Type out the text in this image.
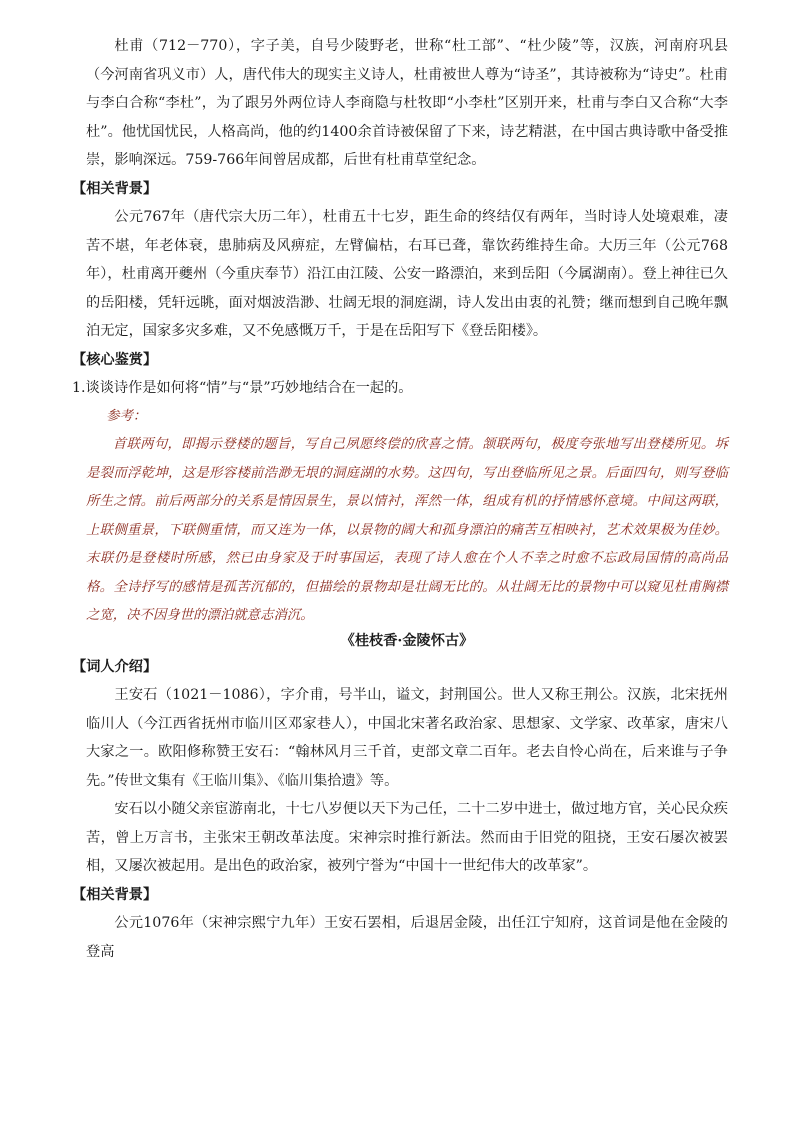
杜甫（712－770），字子美，自号少陵野老，世称“杜工部”、“杜少陵”等，汉族，河南府巩县（今河南省巩义市）人，唐代伟大的现实主义诗人，杜甫被世人尊为“诗圣”，其诗被称为“诗史”。杜甫与李白合称“李杜”，为了跟另外两位诗人李商隐与杜牧即“小李杜”区别开来，杜甫与李白又合称“大李杜”。他忧国忧民，人格高尚，他的约1400余首诗被保留了下来，诗艺精湛，在中国古典诗歌中备受推崇，影响深远。759-766年间曾居成都，后世有杜甫草堂纪念。

【相关背景】

公元767年（唐代宗大历二年），杜甫五十七岁，距生命的终结仅有两年，当时诗人处境艰难，凄苦不堪，年老体衰，患肺病及风痹症，左臂偏枯，右耳已聋，靠饮药维持生命。大历三年（公元768年），杜甫离开夔州（今重庆奉节）沿江由江陵、公安一路漂泊，来到岳阳（今属湖南）。登上神往已久的岳阳楼，凭轩远眺，面对烟波浩渺、壮阔无垠的洞庭湖，诗人发出由衷的礼赞；继而想到自己晚年飘泊无定，国家多灾多难，又不免感慨万千，于是在岳阳写下《登岳阳楼》。

【核心鉴赏】
1.谈谈诗作是如何将“情”与“景”巧妙地结合在一起的。
参考：

首联两句，即揭示登楼的题旨，写自己夙愿终偿的欣喜之情。颔联两句，极度夸张地写出登楼所见。坼是裂而浮乾坤，这是形容楼前浩渺无垠的洞庭湖的水势。这四句，写出登临所见之景。后面四句，则写登临所生之情。前后两部分的关系是情因景生，景以情衬，浑然一体，组成有机的抒情感怀意境。中间这两联，上联侧重景，下联侧重情，而又连为一体，以景物的阔大和孤身漂泊的痛苦互相映衬，艺术效果极为佳妙。末联仍是登楼时所感，然已由身家及于时事国运，表现了诗人愈在个人不幸之时愈不忘政局国情的高尚品格。全诗抒写的感情是孤苦沉郁的，但描绘的景物却是壮阔无比的。从壮阔无比的景物中可以窥见杜甫胸襟之宽，决不因身世的漂泊就意志消沉。

《桂枝香·金陵怀古》
【词人介绍】

王安石（1021－1086），字介甫，号半山，谥文，封荆国公。世人又称王荆公。汉族，北宋抚州临川人（今江西省抚州市临川区邓家巷人），中国北宋著名政治家、思想家、文学家、改革家，唐宋八大家之一。欧阳修称赞王安石：“翰林风月三千首，吏部文章二百年。老去自怜心尚在，后来谁与子争先。”传世文集有《王临川集》、《临川集拾遗》等。

安石以小随父亲宦游南北，十七八岁便以天下为己任，二十二岁中进士，做过地方官，关心民众疾苦，曾上万言书，主张宋王朝改革法度。宋神宗时推行新法。然而由于旧党的阻挠，王安石屡次被罢相，又屡次被起用。是出色的政治家，被列宁誉为“中国十一世纪伟大的改革家”。

【相关背景】

公元1076年（宋神宗熙宁九年）王安石罢相，后退居金陵，出任江宁知府，这首词是他在金陵的登高
